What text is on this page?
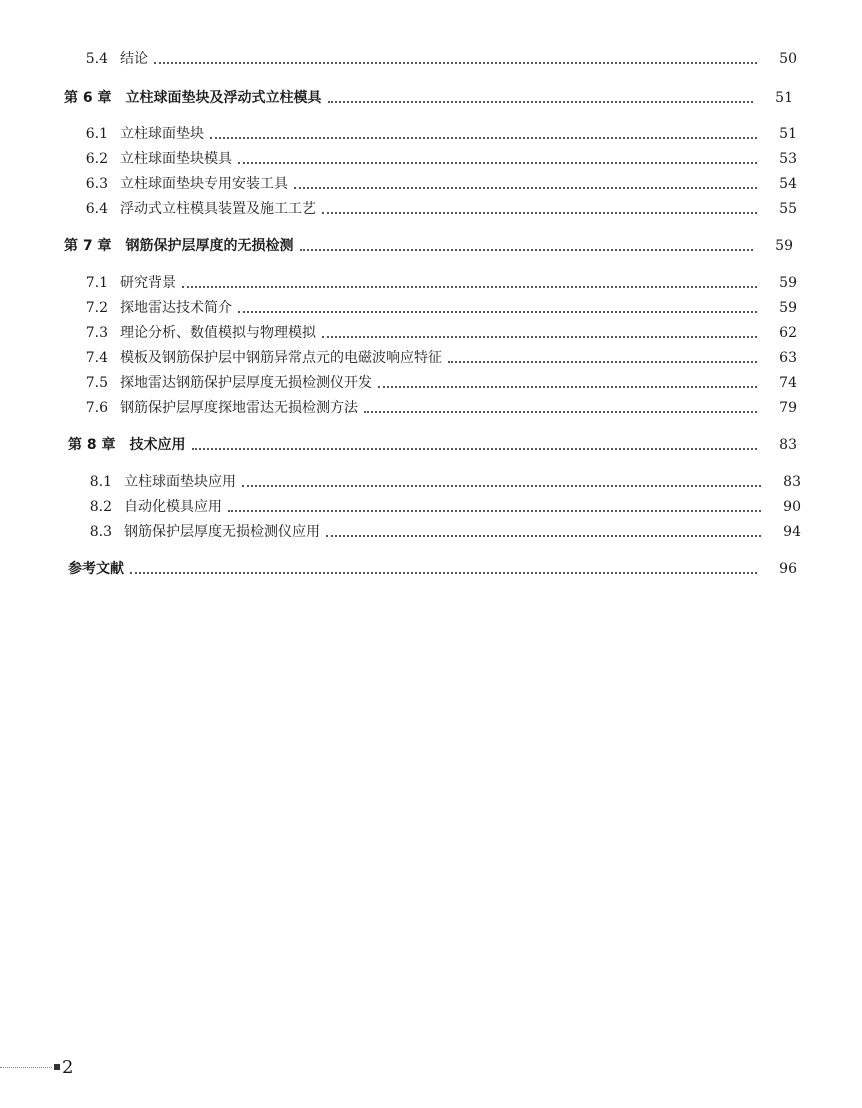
5.4 结论	50
第 6 章	立柱球面垫块及浮动式立柱模具	51
6.1 立柱球面垫块	51
6.2 立柱球面垫块模具	53
6.3 立柱球面垫块专用安装工具	54
6.4 浮动式立柱模具装置及施工工艺	55
第 7 章	钢筋保护层厚度的无损检测	59
7.1 研究背景	59
7.2 探地雷达技术简介	59
7.3 理论分析、数值模拟与物理模拟	62
7.4 模板及钢筋保护层中钢筋异常点元的电磁波响应特征	63
7.5 探地雷达钢筋保护层厚度无损检测仪开发	74
7.6 钢筋保护层厚度探地雷达无损检测方法	79
第 8 章	技术应用	83
8.1 立柱球面垫块应用	83
8.2 自动化模具应用	90
8.3 钢筋保护层厚度无损检测仪应用	94
参考文献	96
2
